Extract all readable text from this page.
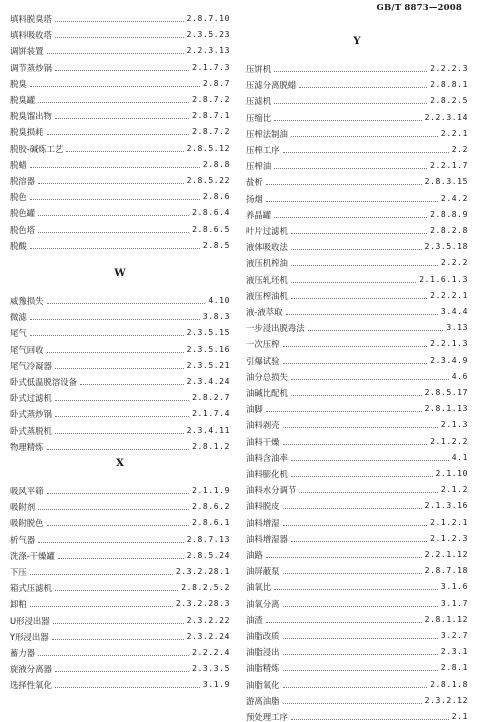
GB/T 8873—2008
填料脱臭塔	2.8.7.10
填料吸收塔	2.3.5.23
调饼装置	2.2.3.13
调节蒸炒锅	2.1.7.3
脱臭	2.8.7
脱臭罐	2.8.7.2
脱臭馏出物	2.8.7.1
脱臭损耗	2.8.7.2
脱胶-碱炼工艺	2.8.5.12
脱蜡	2.8.8
脱溶器	2.8.5.22
脱色	2.8.6
脱色罐	2.8.6.4
脱色塔	2.8.6.5
脱酸	2.8.5
W
威豫损失	4.10
微滤	3.8.3
尾气	2.3.5.15
尾气回收	2.3.5.16
尾气冷凝器	2.3.5.21
卧式低温脱溶设备	2.3.4.24
卧式过滤机	2.8.2.7
卧式蒸炒锅	2.1.7.4
卧式蒸脱机	2.3.4.11
物理精炼	2.8.1.2
X
吸风平筛	2.1.1.9
吸附剂	2.8.6.2
吸附脱色	2.8.6.1
析气器	2.8.7.13
洗涤-干燥罐	2.8.5.24
下压	2.3.2.28.1
箱式压滤机	2.8.2.5.2
卸粕	2.3.2.28.3
U形浸出器	2.3.2.22
Y形浸出器	2.3.2.24
蓄力器	2.2.2.4
旋液分离器	2.3.3.5
选择性氧化	3.1.9
Y
压饼机	2.2.2.3
压滤分离脱蜡	2.8.8.1
压滤机	2.8.2.5
压缩比	2.2.3.14
压榨法制油	2.2.1
压榨工序	2.2
压榨油	2.2.1.7
盐析	2.8.3.15
扬烟	2.4.2
养晶罐	2.8.8.9
叶片过滤机	2.8.2.8
液体吸收法	2.3.5.18
液压机榨油	2.2.2
液压轧坯机	2.1.6.1.3
液压榨油机	2.2.2.1
液-液萃取	3.4.4
一步浸出脱毒法	3.13
一次压榨	2.2.1.3
引爆试验	2.3.4.9
油分总损失	4.6
油碱比配机	2.8.5.17
油脚	2.8.1.13
油料剥壳	2.1.3
油料干燥	2.1.2.2
油料含油率	4.1
油料膨化机	2.1.10
油料水分调节	2.1.2
油料脱皮	2.1.3.16
油料增湿	2.1.2.1
油料增湿器	2.1.2.3
油路	2.2.1.12
油屏蔽泵	2.8.7.18
油氧比	3.1.6
油氧分离	3.1.7
油渣	2.8.1.12
油脂改质	3.2.7
油脂浸出	2.3.1
油脂精炼	2.8.1
油脂氧化	2.8.1.8
游离油脂	2.3.2.12
预处理工序	2.1
